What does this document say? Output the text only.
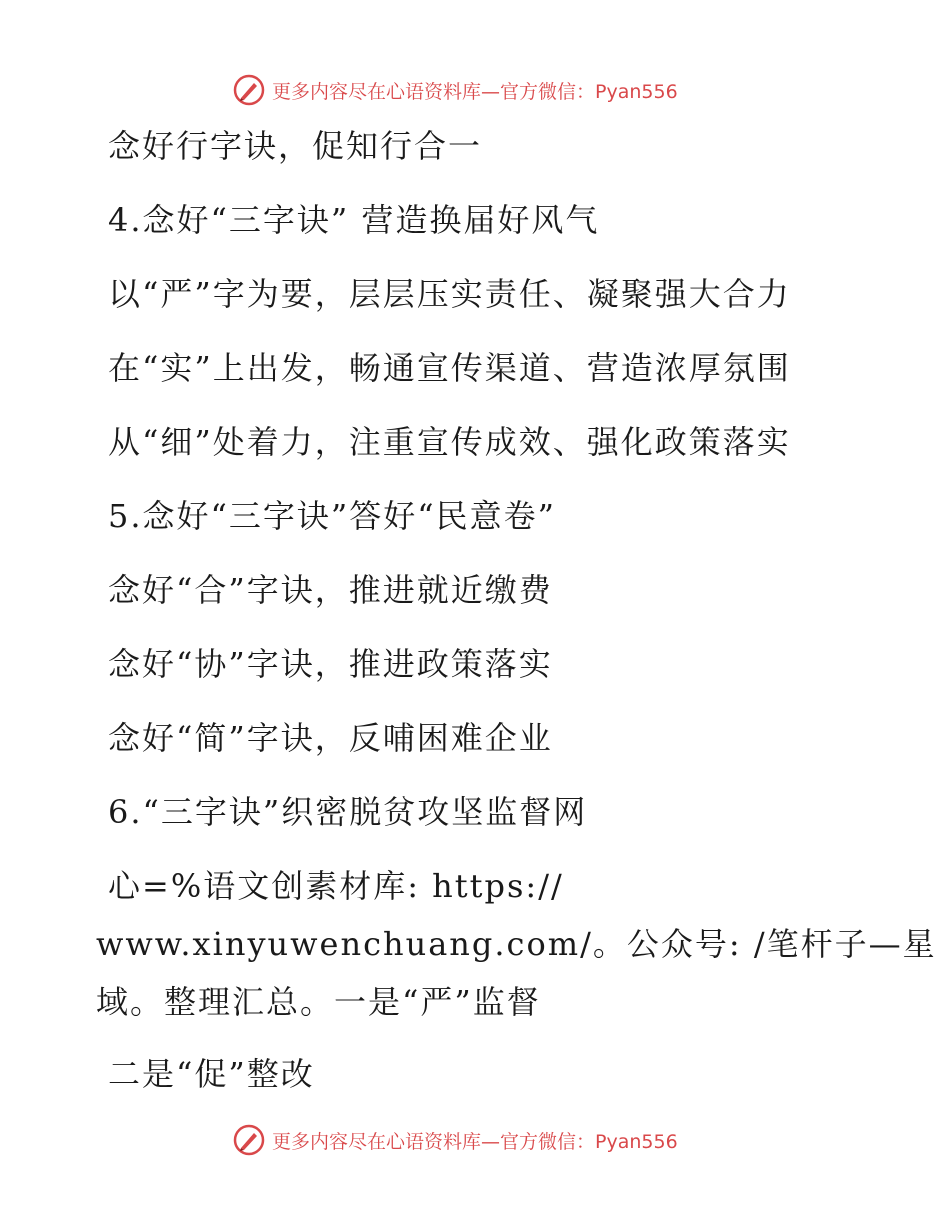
更多内容尽在心语资料库—官方微信：Pyan556
念好行字诀，促知行合一
4.念好“三字诀” 营造换届好风气
以“严”字为要，层层压实责任、凝聚强大合力
在“实”上出发，畅通宣传渠道、营造浓厚氛围
从“细”处着力，注重宣传成效、强化政策落实
5.念好“三字诀”答好“民意卷”
念好“合”字诀，推进就近缴费
念好“协”字诀，推进政策落实
念好“简”字诀，反哺困难企业
6.“三字诀”织密脱贫攻坚监督网
心=%语文创素材库: https://
www.xinyuwenchuang.com/。公众号: /笔杆子—星
域。整理汇总。一是“严”监督
二是“促”整改
更多内容尽在心语资料库—官方微信：Pyan556
